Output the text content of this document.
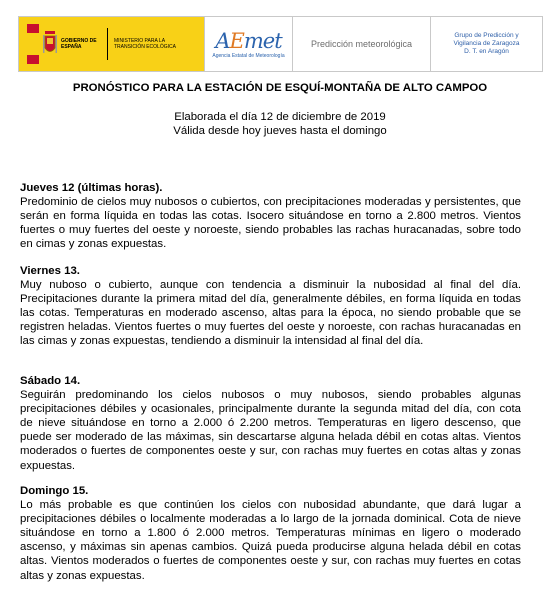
GOBIERNO DE ESPAÑA
MINISTERIO PARA LA TRANSICIÓN ECOLÓGICA	AEmet
Agencia Estatal de Meteorología
Predicción meteorológica
Grupo de Predicción y
Vigilancia de Zaragoza
D. T. en Aragón
PRONÓSTICO PARA LA ESTACIÓN DE ESQUÍ-MONTAÑA DE ALTO CAMPOO
Elaborada el día 12 de diciembre de 2019
Válida desde hoy jueves hasta el domingo
Jueves 12 (últimas horas).

Predominio de cielos muy nubosos o cubiertos, con precipitaciones moderadas y persistentes, que serán en forma líquida en todas las cotas. Isocero situándose en torno a 2.800 metros. Vientos fuertes o muy fuertes del oeste y noroeste, siendo probables las rachas huracanadas, sobre todo en cimas y zonas expuestas.

Viernes 13.

Muy nuboso o cubierto, aunque con tendencia a disminuir la nubosidad al final del día. Precipitaciones durante la primera mitad del día, generalmente débiles, en forma líquida en todas las cotas. Temperaturas en moderado ascenso, altas para la época, no siendo probable que se registren heladas. Vientos fuertes o muy fuertes del oeste y noroeste, con rachas huracanadas en las cimas y zonas expuestas, tendiendo a disminuir la intensidad al final del día.

Sábado 14.

Seguirán predominando los cielos nubosos o muy nubosos, siendo probables algunas precipitaciones débiles y ocasionales, principalmente durante la segunda mitad del día, con cota de nieve situándose en torno a 2.000 ó 2.200 metros. Temperaturas en ligero descenso, que puede ser moderado de las máximas, sin descartarse alguna helada débil en cotas altas. Vientos moderados o fuertes de componentes oeste y sur, con rachas muy fuertes en cotas altas y zonas expuestas.

Domingo 15.

Lo más probable es que continúen los cielos con nubosidad abundante, que dará lugar a precipitaciones débiles o localmente moderadas a lo largo de la jornada dominical. Cota de nieve situándose en torno a 1.800 ó 2.000 metros. Temperaturas mínimas en ligero o moderado ascenso, y máximas sin apenas cambios. Quizá pueda producirse alguna helada débil en cotas altas. Vientos moderados o fuertes de componentes oeste y sur, con rachas muy fuertes en cotas altas y zonas expuestas.
